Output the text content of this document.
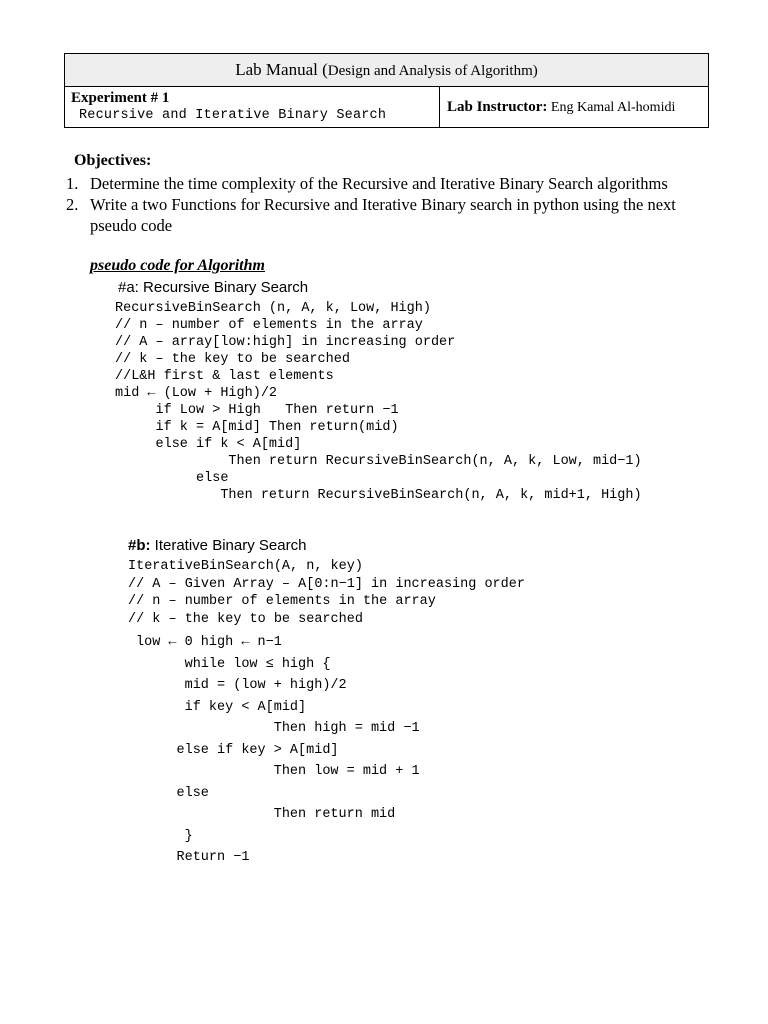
Lab Manual (Design and Analysis of Algorithm)
Experiment # 1
Recursive and Iterative Binary Search
Lab Instructor: Eng Kamal Al-homidi
Objectives:
1. Determine the time complexity of the Recursive and Iterative Binary Search algorithms
2. Write a two Functions for Recursive and Iterative Binary search in python using the next pseudo code
pseudo code for Algorithm
#a: Recursive Binary Search
RecursiveBinSearch (n, A, k, Low, High)
// n – number of elements in the array
// A – array[low:high] in increasing order
// k – the key to be searched
//L&H first & last elements
mid ← (Low + High)/2
if Low > High   Then return −1
if k = A[mid] Then return(mid)
else if k < A[mid]
Then return RecursiveBinSearch(n, A, k, Low, mid−1)
else
Then return RecursiveBinSearch(n, A, k, mid+1, High)
#b: Iterative Binary Search
IterativeBinSearch(A, n, key)
// A – Given Array – A[0:n−1] in increasing order
// n – number of elements in the array
// k – the key to be searched
low ← 0 high ← n−1
while low ≤ high {
mid = (low + high)/2
if key < A[mid]
Then high = mid −1
else if key > A[mid]
Then low = mid + 1
else
Then return mid
}
Return −1
